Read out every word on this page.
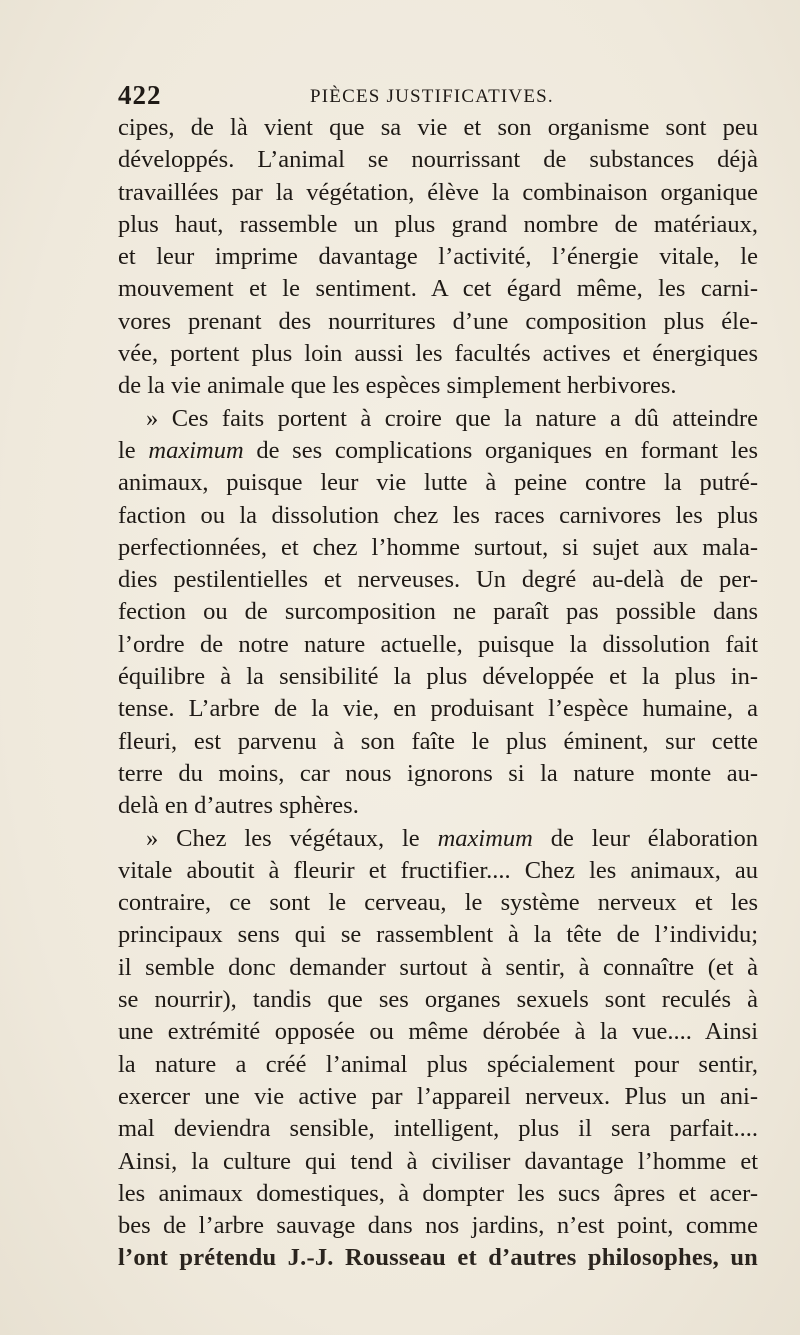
422	PIÈCES JUSTIFICATIVES.
cipes, de là vient que sa vie et son organisme sont peu
développés. L’animal se nourrissant de substances déjà
travaillées par la végétation, élève la combinaison organique
plus haut, rassemble un plus grand nombre de matériaux,
et leur imprime davantage l’activité, l’énergie vitale, le
mouvement et le sentiment. A cet égard même, les carni-
vores prenant des nourritures d’une composition plus éle-
vée, portent plus loin aussi les facultés actives et énergiques
de la vie animale que les espèces simplement herbivores.
» Ces faits portent à croire que la nature a dû atteindre
le maximum de ses complications organiques en formant les
animaux, puisque leur vie lutte à peine contre la putré-
faction ou la dissolution chez les races carnivores les plus
perfectionnées, et chez l’homme surtout, si sujet aux mala-
dies pestilentielles et nerveuses. Un degré au-delà de per-
fection ou de surcomposition ne paraît pas possible dans
l’ordre de notre nature actuelle, puisque la dissolution fait
équilibre à la sensibilité la plus développée et la plus in-
tense. L’arbre de la vie, en produisant l’espèce humaine, a
fleuri, est parvenu à son faîte le plus éminent, sur cette
terre du moins, car nous ignorons si la nature monte au-
delà en d’autres sphères.
» Chez les végétaux, le maximum de leur élaboration
vitale aboutit à fleurir et fructifier.... Chez les animaux, au
contraire, ce sont le cerveau, le système nerveux et les
principaux sens qui se rassemblent à la tête de l’individu;
il semble donc demander surtout à sentir, à connaître (et à
se nourrir), tandis que ses organes sexuels sont reculés à
une extrémité opposée ou même dérobée à la vue.... Ainsi
la nature a créé l’animal plus spécialement pour sentir,
exercer une vie active par l’appareil nerveux. Plus un ani-
mal deviendra sensible, intelligent, plus il sera parfait....
Ainsi, la culture qui tend à civiliser davantage l’homme et
les animaux domestiques, à dompter les sucs âpres et acer-
bes de l’arbre sauvage dans nos jardins, n’est point, comme
l’ont prétendu J.-J. Rousseau et d’autres philosophes, un
